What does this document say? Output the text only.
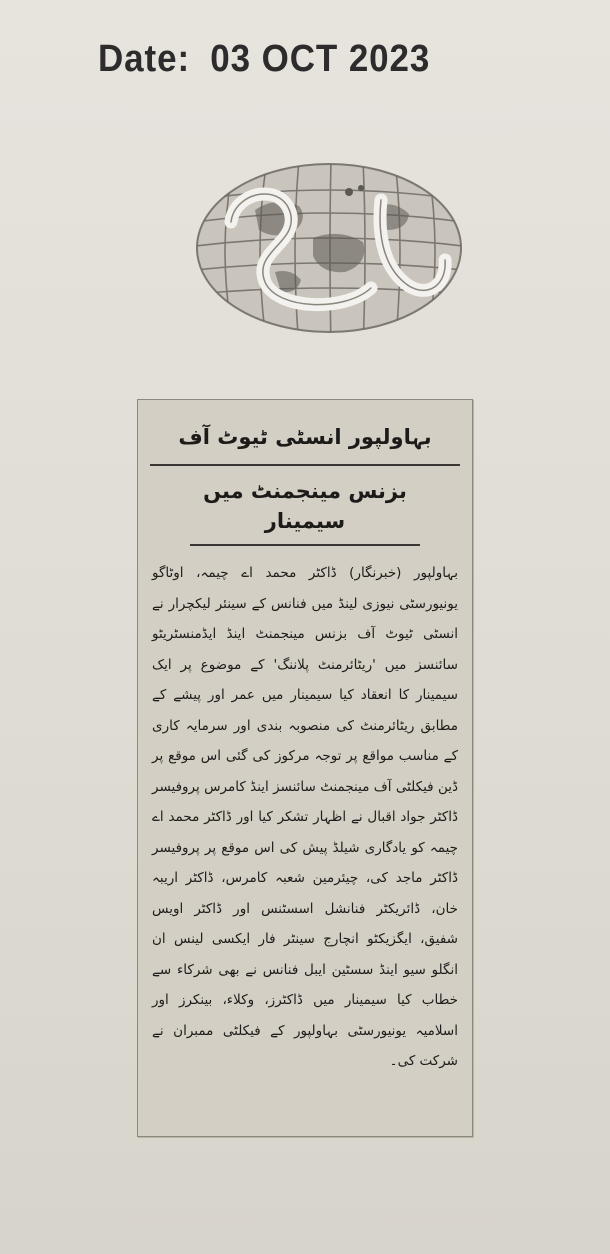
Date: 03 OCT 2023
بہاولپور انسٹی ٹیوٹ آف
بزنس مینجمنٹ میں سیمینار
بہاولپور (خبرنگار) ڈاکٹر محمد اے چیمہ، اوٹاگو یونیورسٹی نیوزی لینڈ میں فنانس کے سینئر لیکچرار نے انسٹی ٹیوٹ آف بزنس مینجمنٹ اینڈ ایڈمنسٹریٹو سائنسز میں 'ریٹائرمنٹ پلاننگ' کے موضوع پر ایک سیمینار کا انعقاد کیا سیمینار میں عمر اور پیشے کے مطابق ریٹائرمنٹ کی منصوبہ بندی اور سرمایہ کاری کے مناسب مواقع پر توجہ مرکوز کی گئی اس موقع پر ڈین فیکلٹی آف مینجمنٹ سائنسز اینڈ کامرس پروفیسر ڈاکٹر جواد اقبال نے اظہار تشکر کیا اور ڈاکٹر محمد اے چیمہ کو یادگاری شیلڈ پیش کی اس موقع پر پروفیسر ڈاکٹر ماجد کی، چیئرمین شعبہ کامرس، ڈاکٹر اریبہ خان، ڈائریکٹر فنانشل اسسٹنس اور ڈاکٹر اویس شفیق، ایگزیکٹو انچارج سینٹر فار ایکسی لینس ان انگلو سیو اینڈ سسٹین ایبل فنانس نے بھی شرکاء سے خطاب کیا سیمینار میں ڈاکٹرز، وکلاء، بینکرز اور اسلامیہ یونیورسٹی بہاولپور کے فیکلٹی ممبران نے شرکت کی۔
